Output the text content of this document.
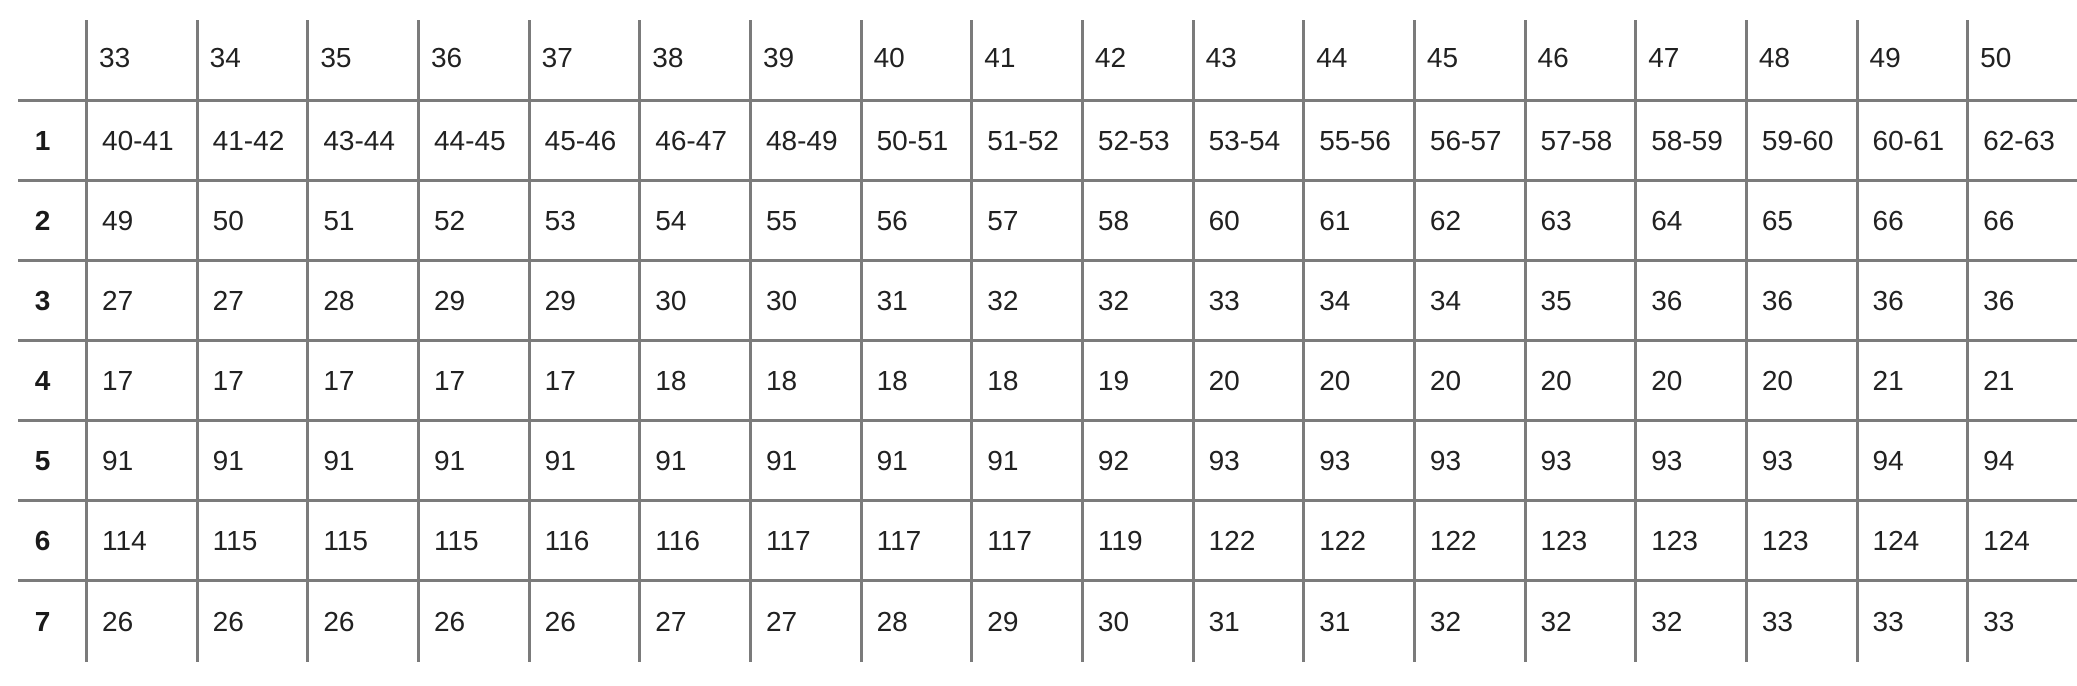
	33	34	35	36	37	38	39	40	41	42	43	44	45	46	47	48	49	50
1	40-41	41-42	43-44	44-45	45-46	46-47	48-49	50-51	51-52	52-53	53-54	55-56	56-57	57-58	58-59	59-60	60-61	62-63
2	49	50	51	52	53	54	55	56	57	58	60	61	62	63	64	65	66	66
3	27	27	28	29	29	30	30	31	32	32	33	34	34	35	36	36	36	36
4	17	17	17	17	17	18	18	18	18	19	20	20	20	20	20	20	21	21
5	91	91	91	91	91	91	91	91	91	92	93	93	93	93	93	93	94	94
6	114	115	115	115	116	116	117	117	117	119	122	122	122	123	123	123	124	124
7	26	26	26	26	26	27	27	28	29	30	31	31	32	32	32	33	33	33
